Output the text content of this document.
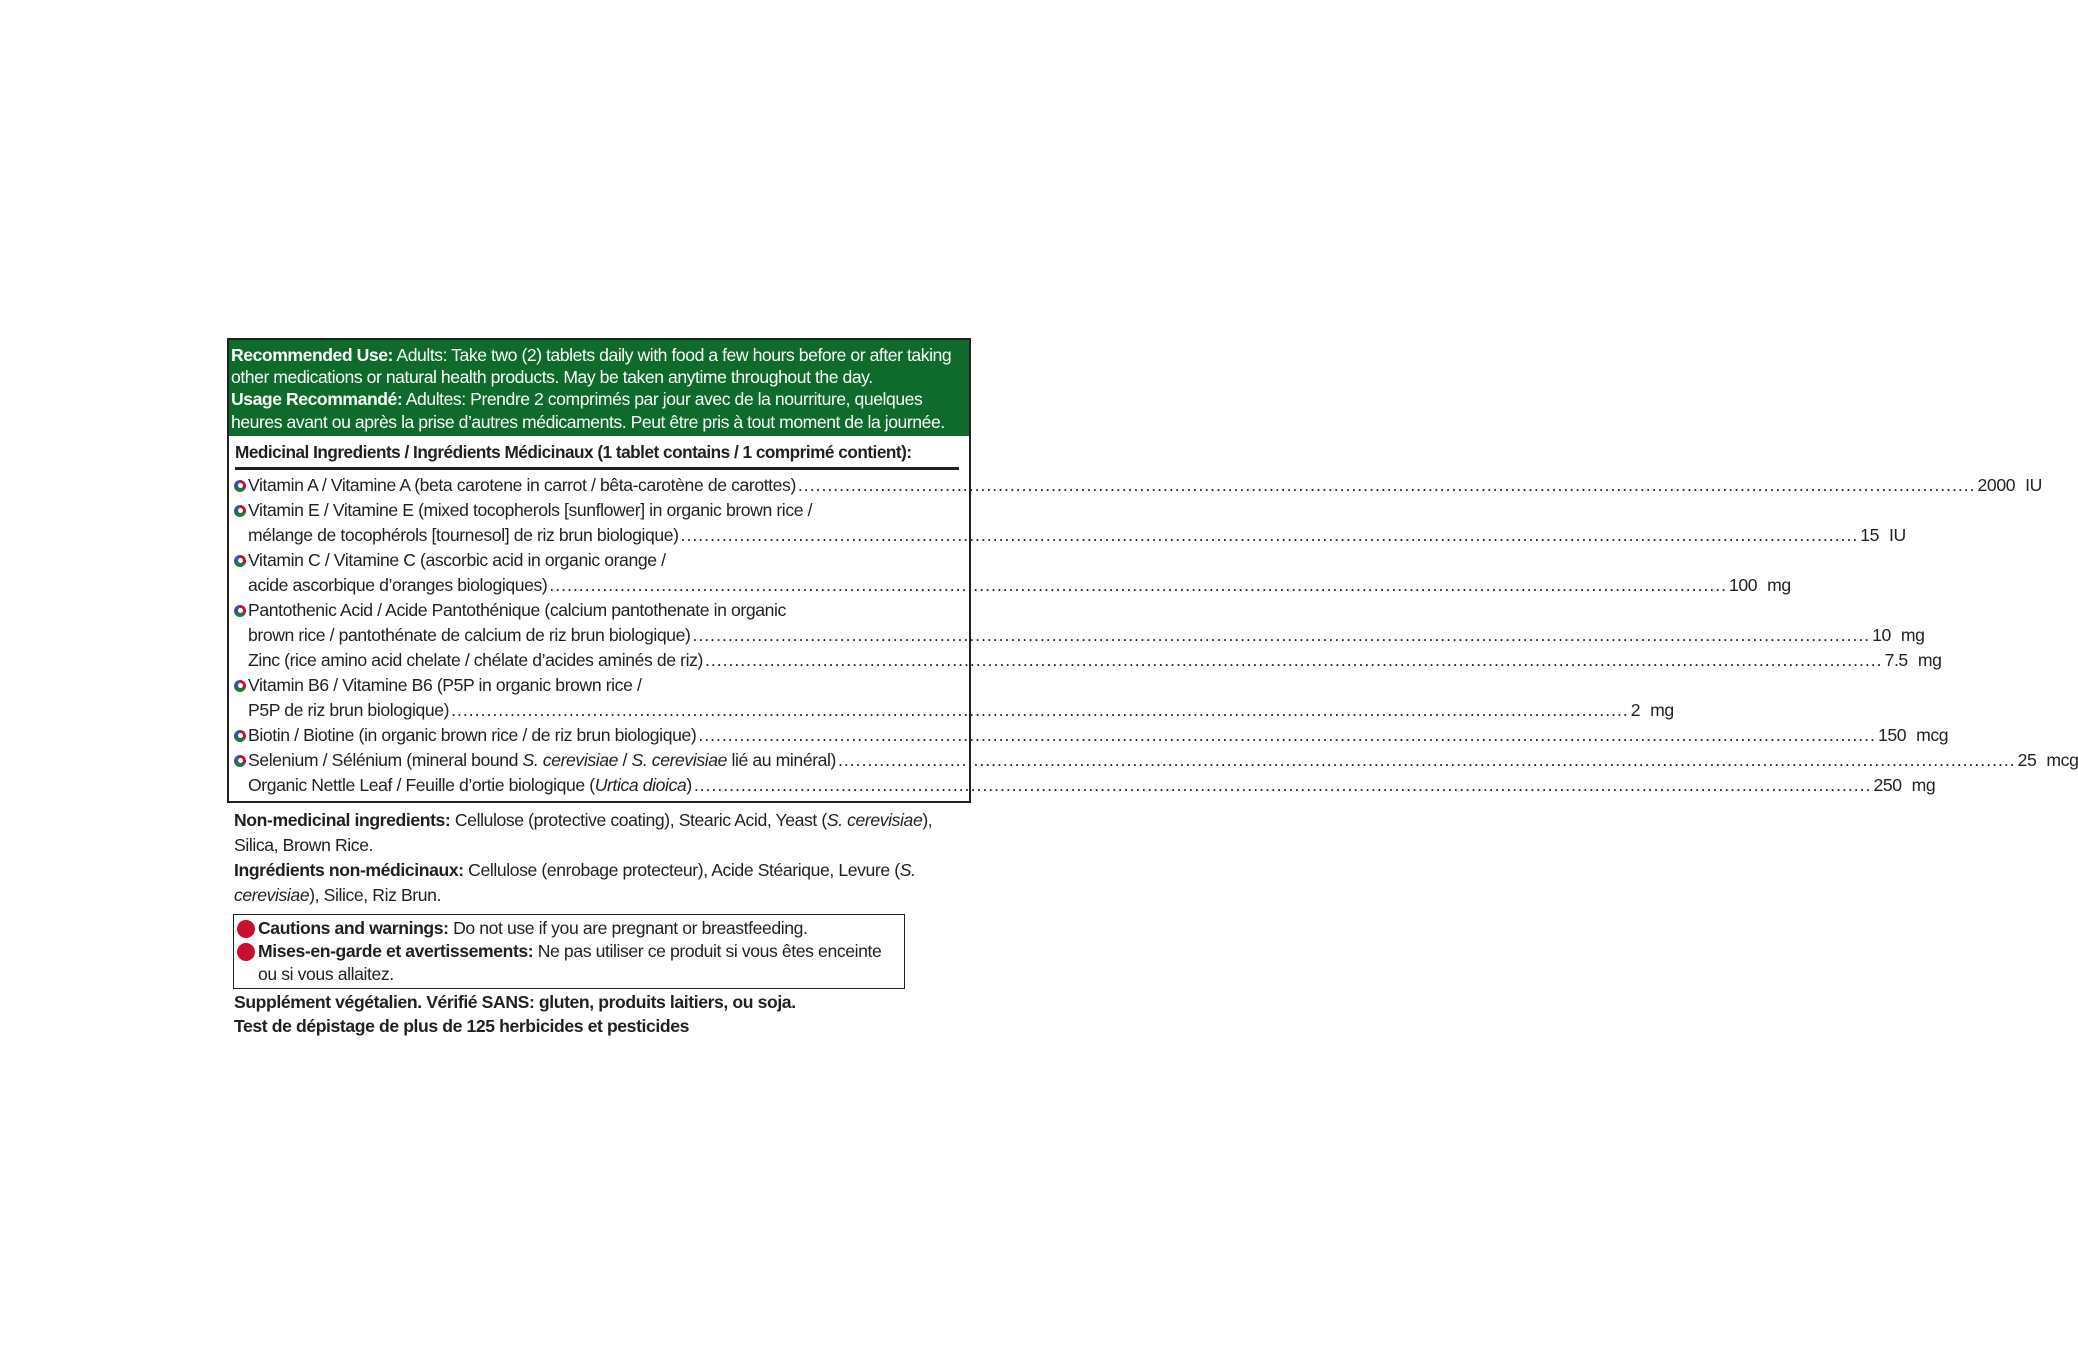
Recommended Use: Adults: Take two (2) tablets daily with food a few hours before or after taking other medications or natural health products. May be taken anytime throughout the day.
Usage Recommandé: Adultes: Prendre 2 comprimés par jour avec de la nourriture, quelques heures avant ou après la prise d’autres médicaments. Peut être pris à tout moment de la journée.
Medicinal Ingredients / Ingrédients Médicinaux (1 tablet contains / 1 comprimé contient):
Vitamin A / Vitamine A (beta carotene in carrot / bêta-carotène de carottes) ........................................................................................................................................................................................................ 2000 IU
Vitamin E / Vitamine E (mixed tocopherols [sunflower] in organic brown rice /
mélange de tocophérols [tournesol] de riz brun biologique) ........................................................................................................................................................................................................ 15 IU
Vitamin C / Vitamine C (ascorbic acid in organic orange /
acide ascorbique d’oranges biologiques) ........................................................................................................................................................................................................ 100 mg
Pantothenic Acid / Acide Pantothénique (calcium pantothenate in organic
brown rice / pantothénate de calcium de riz brun biologique) ........................................................................................................................................................................................................ 10 mg
Zinc (rice amino acid chelate / chélate d’acides aminés de riz) ........................................................................................................................................................................................................ 7.5 mg
Vitamin B6 / Vitamine B6 (P5P in organic brown rice /
P5P de riz brun biologique) ........................................................................................................................................................................................................ 2 mg
Biotin / Biotine (in organic brown rice / de riz brun biologique) ........................................................................................................................................................................................................ 150 mcg
Selenium / Sélénium (mineral bound S. cerevisiae / S. cerevisiae lié au minéral) ........................................................................................................................................................................................................ 25 mcg
Organic Nettle Leaf / Feuille d’ortie biologique (Urtica dioica) ........................................................................................................................................................................................................ 250 mg

Non-medicinal ingredients: Cellulose (protective coating), Stearic Acid, Yeast (S. cerevisiae), Silica, Brown Rice.

Ingrédients non-médicinaux: Cellulose (enrobage protecteur), Acide Stéarique, Levure (S. cerevisiae), Silice, Riz Brun.

Cautions and warnings: Do not use if you are pregnant or breastfeeding.
Mises-en-garde et avertissements: Ne pas utiliser ce produit si vous êtes enceinte ou si vous allaitez.
Supplément végétalien. Vérifié SANS: gluten, produits laitiers, ou soja.
Test de dépistage de plus de 125 herbicides et pesticides
